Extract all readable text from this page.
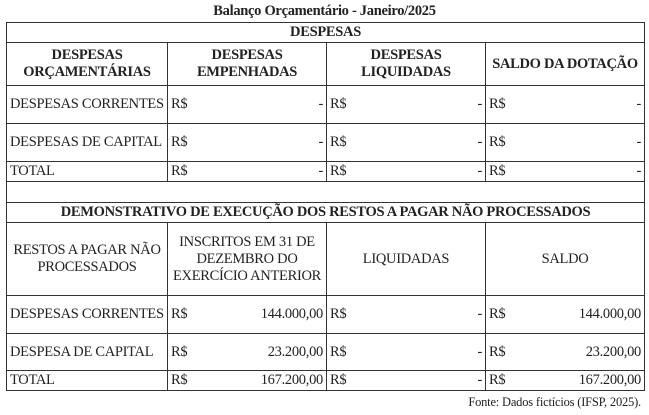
Balanço Orçamentário - Janeiro/2025
DESPESAS			
DESPESAS ORÇAMENTÁRIAS	DESPESAS EMPENHADAS	DESPESAS LIQUIDADAS	SALDO DA DOTAÇÃO
DESPESAS CORRENTES	R$ -	R$ -	R$ -

DESPESAS DE CAPITAL	R$ -	R$ -	R$ -

TOTAL	R$ -	R$ -	R$ -

DEMONSTRATIVO DE EXECUÇÃO DOS RESTOS A PAGAR NÃO PROCESSADOS			
RESTOS A PAGAR NÃO PROCESSADOS	INSCRITOS EM 31 DE DEZEMBRO DO EXERCÍCIO ANTERIOR	LIQUIDADAS	SALDO
DESPESAS CORRENTES	R$ 144.000,00	R$ -	R$ 144.000,00

DESPESA DE CAPITAL	R$ 23.200,00	R$ -	R$ 23.200,00

TOTAL	R$ 167.200,00	R$ -	R$ 167.200,00
Fonte: Dados fictícios (IFSP, 2025).
